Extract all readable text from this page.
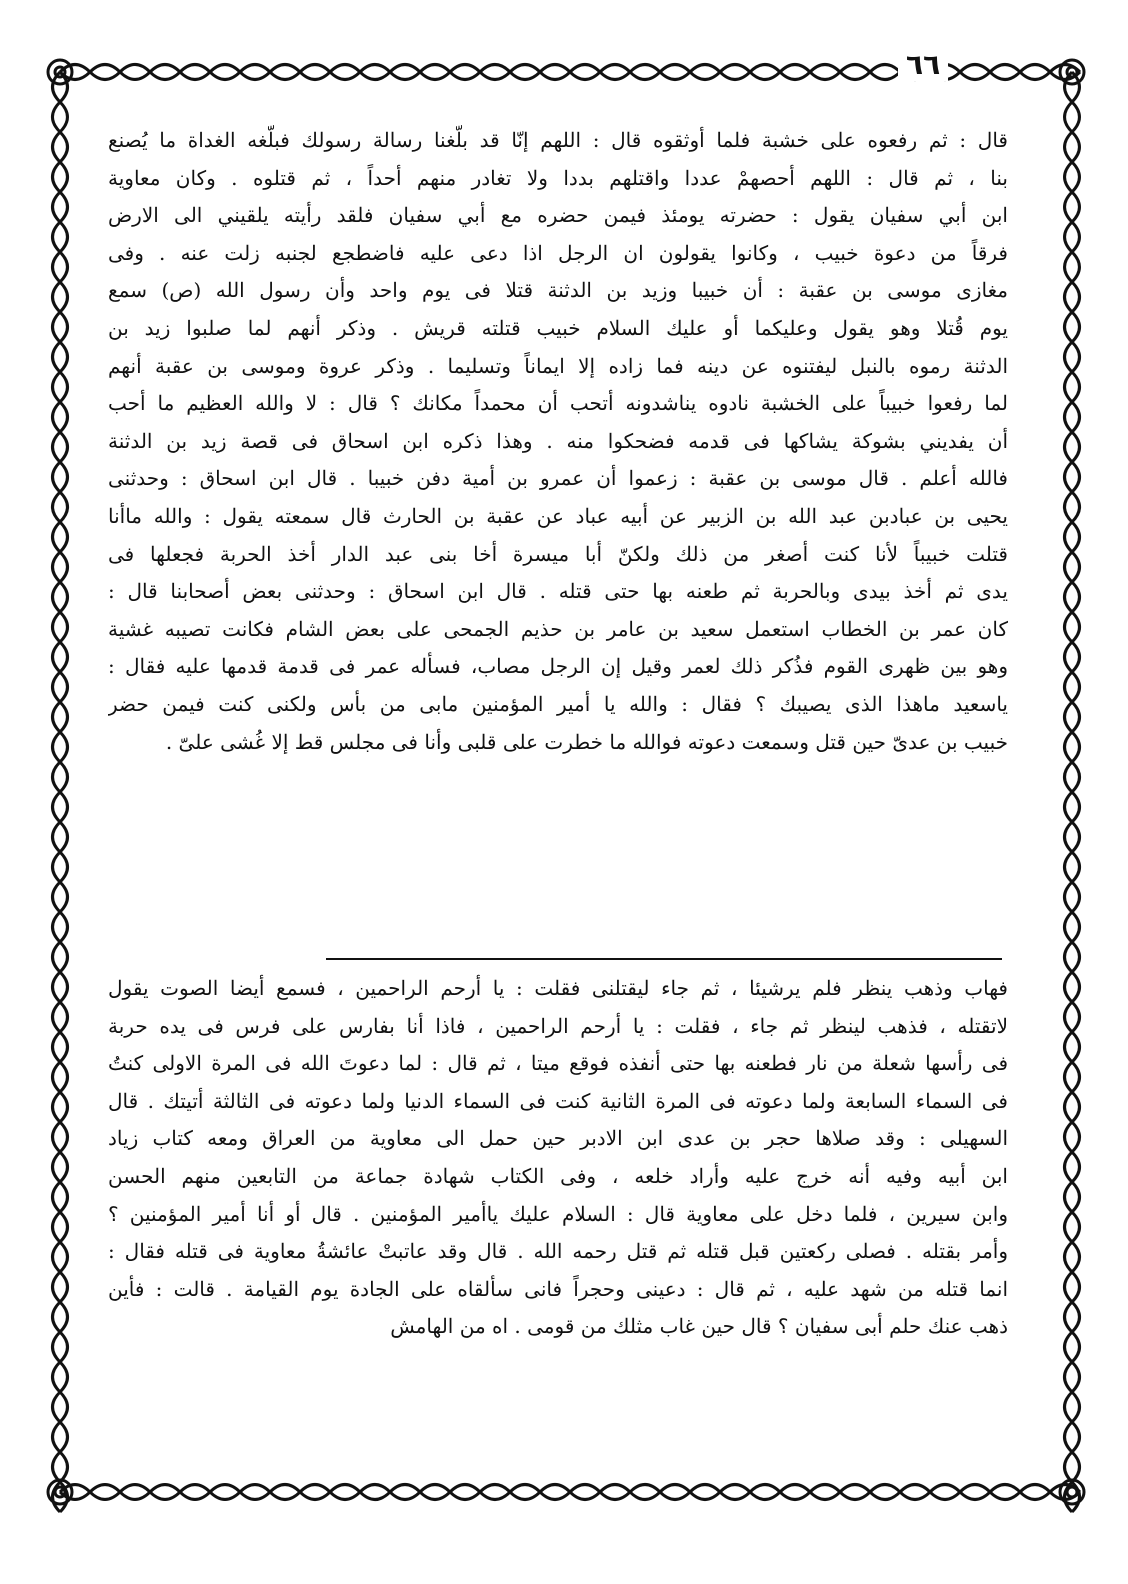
٦٦
قال : ثم رفعوه على خشبة فلما أوثقوه قال : اللهم إنّا قد بلّغنا رسالة رسولك فبلّغه الغداة ما يُصنع
بنا ، ثم قال : اللهم أحصهمْ عددا واقتلهم بددا ولا تغادر منهم أحداً ، ثم قتلوه . وكان معاوية
ابن أبي سفيان يقول : حضرته يومئذ فيمن حضره مع أبي سفيان فلقد رأيته يلقيني الى الارض
فرقاً من دعوة خبيب ، وكانوا يقولون ان الرجل اذا دعى عليه فاضطجع لجنبه زلت عنه . وفى
مغازى موسى بن عقبة : أن خبيبا وزيد بن الدثنة قتلا فى يوم واحد وأن رسول الله (ص) سمع
يوم قُتلا وهو يقول وعليكما أو عليك السلام خبيب قتلته قريش . وذكر أنهم لما صلبوا زيد بن
الدثنة رموه بالنبل ليفتنوه عن دينه فما زاده إلا ايماناً وتسليما . وذكر عروة وموسى بن عقبة أنهم
لما رفعوا خبيباً على الخشبة نادوه يناشدونه أتحب أن محمداً مكانك ؟ قال : لا والله العظيم ما أحب
أن يفديني بشوكة يشاكها فى قدمه فضحكوا منه . وهذا ذكره ابن اسحاق فى قصة زيد بن الدثنة
فالله أعلم . قال موسى بن عقبة : زعموا أن عمرو بن أمية دفن خبيبا . قال ابن اسحاق : وحدثنى
يحيى بن عبادبن عبد الله بن الزبير عن أبيه عباد عن عقبة بن الحارث قال سمعته يقول : والله ماأنا
قتلت خبيباً لأنا كنت أصغر من ذلك ولكنّ أبا ميسرة أخا بنى عبد الدار أخذ الحربة فجعلها فى
يدى ثم أخذ بيدى وبالحربة ثم طعنه بها حتى قتله . قال ابن اسحاق : وحدثنى بعض أصحابنا قال :
كان عمر بن الخطاب استعمل سعيد بن عامر بن حذيم الجمحى على بعض الشام فكانت تصيبه غشية
وهو بين ظهرى القوم فذُكر ذلك لعمر وقيل إن الرجل مصاب، فسأله عمر فى قدمة قدمها عليه فقال :
ياسعيد ماهذا الذى يصيبك ؟ فقال : والله يا أمير المؤمنين مابى من بأس ولكنى كنت فيمن حضر
خبيب بن عدىّ حين قتل وسمعت دعوته فوالله ما خطرت على قلبى وأنا فى مجلس قط إلا غُشى علىّ .
فهاب وذهب ينظر فلم يرشيئا ، ثم جاء ليقتلنى فقلت : يا أرحم الراحمين ، فسمع أيضا الصوت يقول
لاتقتله ، فذهب لينظر ثم جاء ، فقلت : يا أرحم الراحمين ، فاذا أنا بفارس على فرس فى يده حربة
فى رأسها شعلة من نار فطعنه بها حتى أنفذه فوقع ميتا ، ثم قال : لما دعوتَ الله فى المرة الاولى كنتُ
فى السماء السابعة ولما دعوته فى المرة الثانية كنت فى السماء الدنيا ولما دعوته فى الثالثة أتيتك . قال
السهيلى : وقد صلاها حجر بن عدى ابن الادبر حين حمل الى معاوية من العراق ومعه كتاب زياد
ابن أبيه وفيه أنه خرج عليه وأراد خلعه ، وفى الكتاب شهادة جماعة من التابعين منهم الحسن
وابن سيرين ، فلما دخل على معاوية قال : السلام عليك ياأمير المؤمنين . قال أو أنا أمير المؤمنين ؟
وأمر بقتله . فصلى ركعتين قبل قتله ثم قتل رحمه الله . قال وقد عاتبتْ عائشةُ معاوية فى قتله فقال :
انما قتله من شهد عليه ، ثم قال : دعينى وحجراً فانى سألقاه على الجادة يوم القيامة . قالت : فأين
ذهب عنك حلم أبى سفيان ؟ قال حين غاب مثلك من قومى . اه من الهامش
